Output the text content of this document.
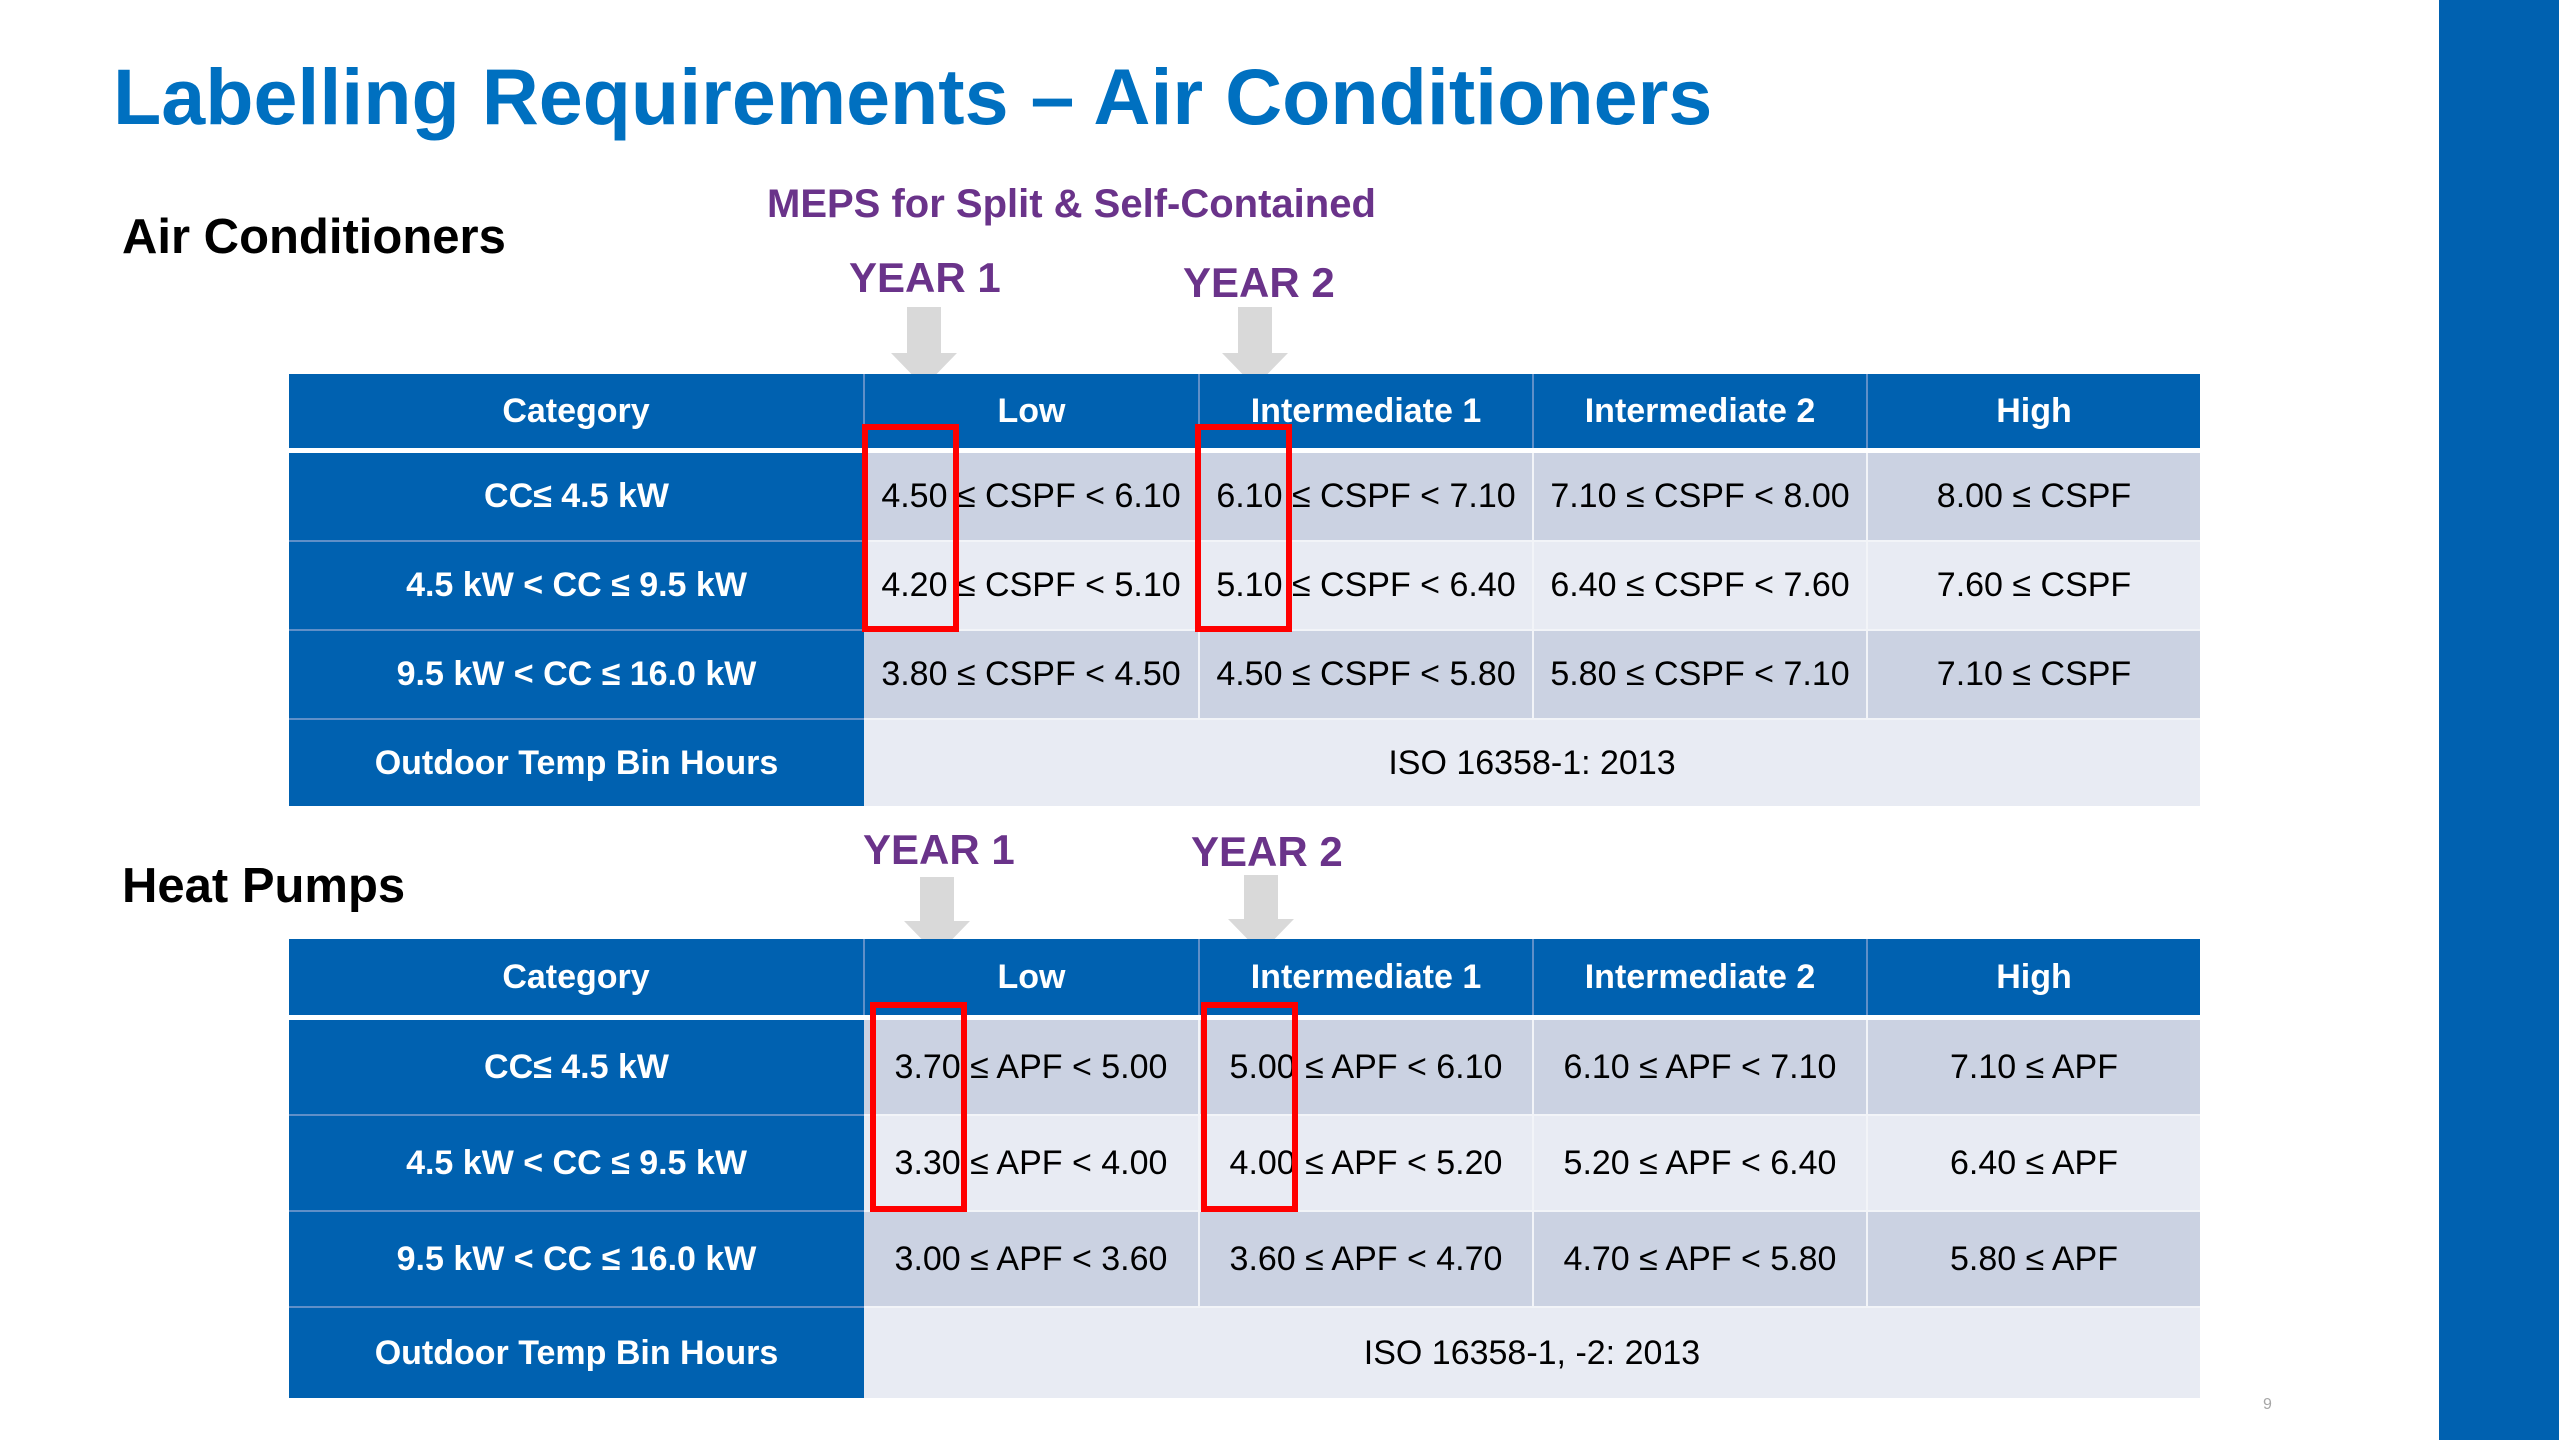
Labelling Requirements – Air Conditioners
Air Conditioners
MEPS for Split & Self-Contained
YEAR 1	YEAR 2
Category	Low	Intermediate 1	Intermediate 2	High
CC≤ 4.5 kW	4.50 ≤ CSPF < 6.10	6.10 ≤ CSPF < 7.10	7.10 ≤ CSPF < 8.00	8.00 ≤ CSPF
4.5 kW < CC ≤ 9.5 kW	4.20 ≤ CSPF < 5.10	5.10 ≤ CSPF < 6.40	6.40 ≤ CSPF < 7.60	7.60 ≤ CSPF
9.5 kW < CC ≤ 16.0 kW	3.80 ≤ CSPF < 4.50	4.50 ≤ CSPF < 5.80	5.80 ≤ CSPF < 7.10	7.10 ≤ CSPF
Outdoor Temp Bin Hours	ISO 16358-1: 2013			
Heat Pumps
YEAR 1	YEAR 2
Category	Low	Intermediate 1	Intermediate 2	High
CC≤ 4.5 kW	3.70 ≤ APF < 5.00	5.00 ≤ APF < 6.10	6.10 ≤ APF < 7.10	7.10 ≤ APF
4.5 kW < CC ≤ 9.5 kW	3.30 ≤ APF < 4.00	4.00 ≤ APF < 5.20	5.20 ≤ APF < 6.40	6.40 ≤ APF
9.5 kW < CC ≤ 16.0 kW	3.00 ≤ APF < 3.60	3.60 ≤ APF < 4.70	4.70 ≤ APF < 5.80	5.80 ≤ APF
Outdoor Temp Bin Hours	ISO 16358-1, -2: 2013			
9
